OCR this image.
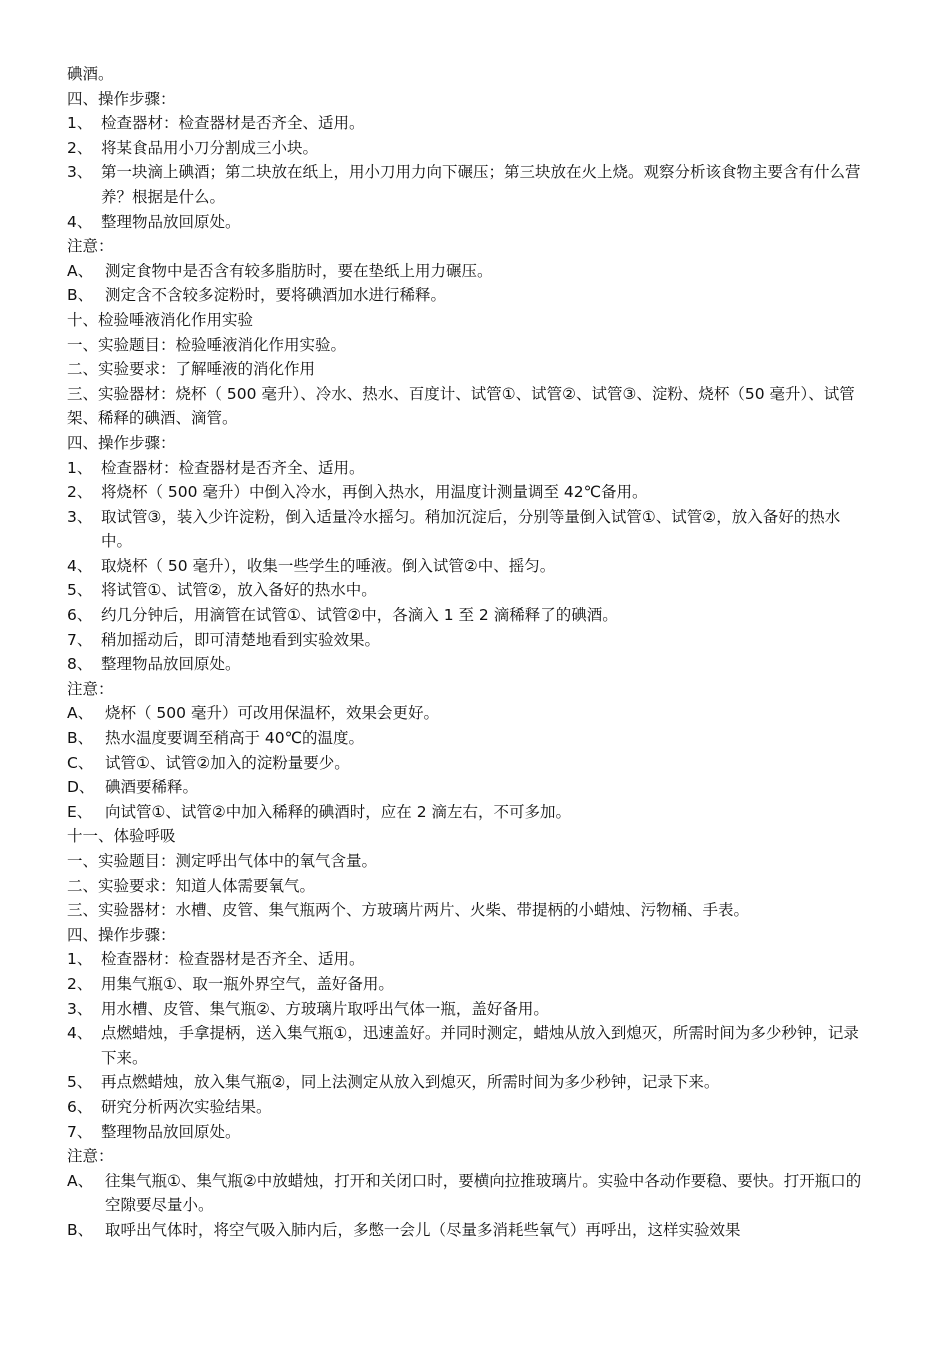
碘酒。
四、操作步骤：
1、 检查器材：检查器材是否齐全、适用。
2、 将某食品用小刀分割成三小块。
3、 第一块滴上碘酒；第二块放在纸上，用小刀用力向下碾压；第三块放在火上烧。观察分析该食物主要含有什么营养？根据是什么。
4、 整理物品放回原处。
注意：
A、 测定食物中是否含有较多脂肪时，要在垫纸上用力碾压。
B、 测定含不含较多淀粉时，要将碘酒加水进行稀释。
十、检验唾液消化作用实验
一、实验题目：检验唾液消化作用实验。
二、实验要求：了解唾液的消化作用
三、实验器材：烧杯（ 500 毫升）、冷水、热水、百度计、试管①、试管②、试管③、淀粉、烧杯（50 毫升）、试管架、稀释的碘酒、滴管。
四、操作步骤：
1、 检查器材：检查器材是否齐全、适用。
2、 将烧杯（ 500 毫升）中倒入冷水，再倒入热水，用温度计测量调至 42℃备用。
3、 取试管③，装入少许淀粉，倒入适量冷水摇匀。稍加沉淀后，分别等量倒入试管①、试管②，放入备好的热水中。
4、 取烧杯（ 50 毫升），收集一些学生的唾液。倒入试管②中、摇匀。
5、 将试管①、试管②，放入备好的热水中。
6、 约几分钟后，用滴管在试管①、试管②中，各滴入 1 至 2 滴稀释了的碘酒。
7、 稍加摇动后，即可清楚地看到实验效果。
8、 整理物品放回原处。
注意：
A、 烧杯（ 500 毫升）可改用保温杯，效果会更好。
B、 热水温度要调至稍高于 40℃的温度。
C、 试管①、试管②加入的淀粉量要少。
D、 碘酒要稀释。
E、 向试管①、试管②中加入稀释的碘酒时，应在 2 滴左右，不可多加。
十一、体验呼吸
一、实验题目：测定呼出气体中的氧气含量。
二、实验要求：知道人体需要氧气。
三、实验器材：水槽、皮管、集气瓶两个、方玻璃片两片、火柴、带提柄的小蜡烛、污物桶、手表。
四、操作步骤：
1、 检查器材：检查器材是否齐全、适用。
2、 用集气瓶①、取一瓶外界空气，盖好备用。
3、 用水槽、皮管、集气瓶②、方玻璃片取呼出气体一瓶，盖好备用。
4、 点燃蜡烛，手拿提柄，送入集气瓶①，迅速盖好。并同时测定，蜡烛从放入到熄灭，所需时间为多少秒钟，记录下来。
5、 再点燃蜡烛，放入集气瓶②，同上法测定从放入到熄灭，所需时间为多少秒钟，记录下来。
6、 研究分析两次实验结果。
7、 整理物品放回原处。
注意：
A、 往集气瓶①、集气瓶②中放蜡烛，打开和关闭口时，要横向拉推玻璃片。实验中各动作要稳、要快。打开瓶口的空隙要尽量小。
B、 取呼出气体时，将空气吸入肺内后，多憋一会儿（尽量多消耗些氧气）再呼出，这样实验效果
